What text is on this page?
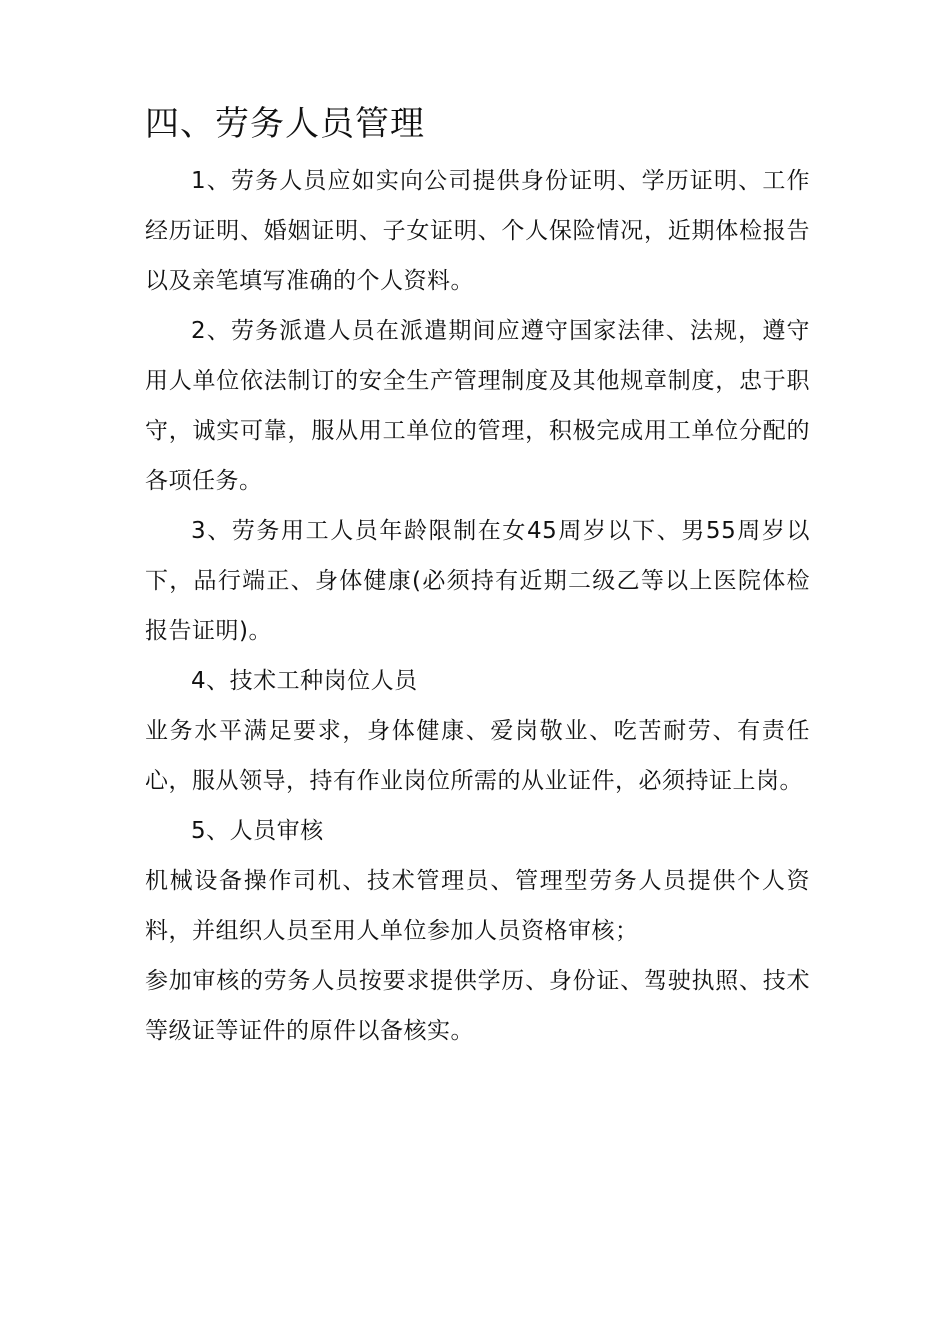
四、劳务人员管理

1、劳务人员应如实向公司提供身份证明、学历证明、工作经历证明、婚姻证明、子女证明、个人保险情况，近期体检报告以及亲笔填写准确的个人资料。

2、劳务派遣人员在派遣期间应遵守国家法律、法规，遵守用人单位依法制订的安全生产管理制度及其他规章制度，忠于职守，诚实可靠，服从用工单位的管理，积极完成用工单位分配的各项任务。

3、劳务用工人员年龄限制在女45周岁以下、男55周岁以下，品行端正、身体健康(必须持有近期二级乙等以上医院体检报告证明)。

4、技术工种岗位人员

业务水平满足要求，身体健康、爱岗敬业、吃苦耐劳、有责任心，服从领导，持有作业岗位所需的从业证件，必须持证上岗。

5、人员审核

机械设备操作司机、技术管理员、管理型劳务人员提供个人资料，并组织人员至用人单位参加人员资格审核；

参加审核的劳务人员按要求提供学历、身份证、驾驶执照、技术等级证等证件的原件以备核实。
